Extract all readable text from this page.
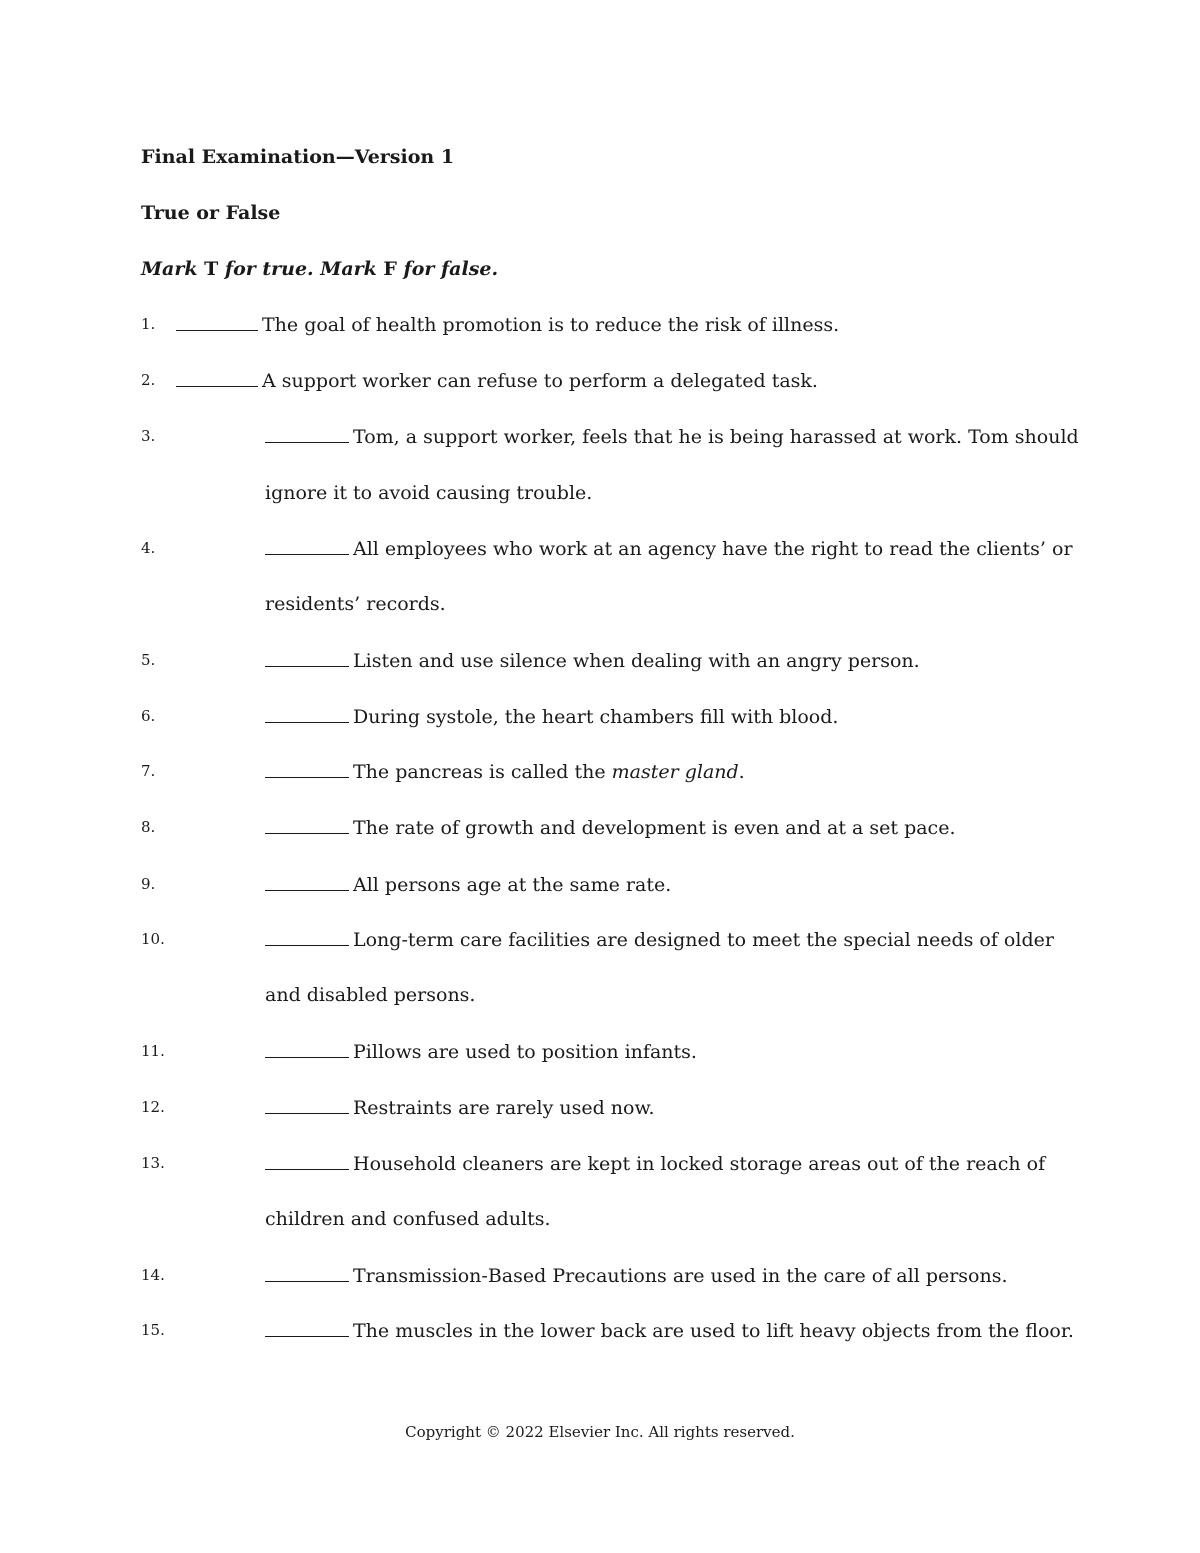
Final Examination—Version 1
True or False

Mark T for true. Mark F for false.

1.	The goal of health promotion is to reduce the risk of illness.
2.	A support worker can refuse to perform a delegated task.
3.	Tom, a support worker, feels that he is being harassed at work. Tom should
ignore it to avoid causing trouble.
4.	All employees who work at an agency have the right to read the clients’ or
residents’ records.
5.	Listen and use silence when dealing with an angry person.
6.	During systole, the heart chambers fill with blood.
7.	The pancreas is called the master gland.
8.	The rate of growth and development is even and at a set pace.
9.	All persons age at the same rate.
10.	Long-term care facilities are designed to meet the special needs of older
and disabled persons.
11.	Pillows are used to position infants.
12.	Restraints are rarely used now.
13.	Household cleaners are kept in locked storage areas out of the reach of
children and confused adults.
14.	Transmission-Based Precautions are used in the care of all persons.
15.	The muscles in the lower back are used to lift heavy objects from the floor.

Copyright © 2022 Elsevier Inc. All rights reserved.
